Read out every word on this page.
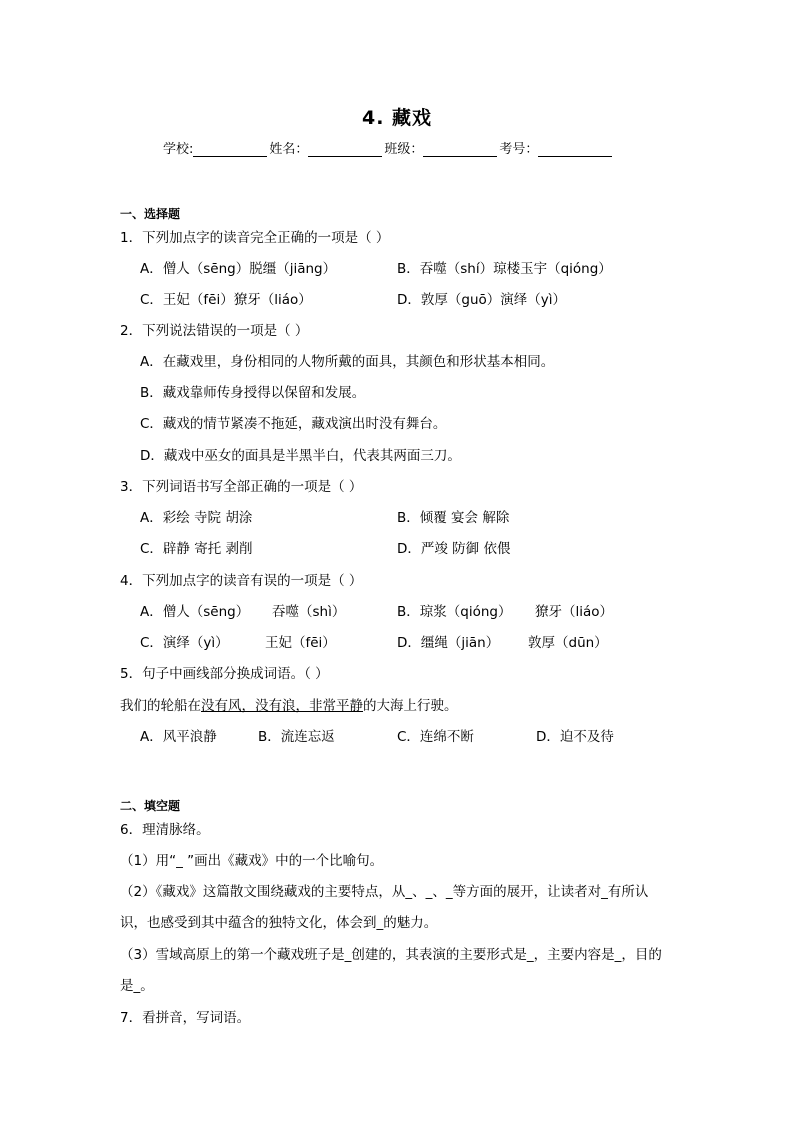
4. 藏戏
学校:	姓名：	班级：	考号：
一、选择题
1．下列加点字的读音完全正确的一项是（ ）
A．僧人（sēng）脱缰（jiāng）	B．吞噬（shí）琼楼玉宇（qióng）
C．王妃（fēi）獠牙（liáo）	D．敦厚（guō）演绎（yì）
2．下列说法错误的一项是（ ）
A．在藏戏里，身份相同的人物所戴的面具，其颜色和形状基本相同。
B．藏戏靠师传身授得以保留和发展。
C．藏戏的情节紧凑不拖延，藏戏演出时没有舞台。
D．藏戏中巫女的面具是半黑半白，代表其两面三刀。
3．下列词语书写全部正确的一项是（ ）
A．彩绘 寺院 胡涂	B．倾覆 宴会 解除
C．辟静 寄托 剥削	D．严竣 防御 依偎
4．下列加点字的读音有误的一项是（ ）
A．僧人（sēng） 吞噬（shì）	B．琼浆（qióng） 獠牙（liáo）
C．演绎（yì）	王妃（fēi）	D．缰绳（jiān） 敦厚（dūn）
5．句子中画线部分换成词语。（ ）
我们的轮船在没有风，没有浪，非常平静的大海上行驶。
A．风平浪静	B．流连忘返	C．连绵不断	D．迫不及待
二、填空题
6．理清脉络。
（1）用“_ ”画出《藏戏》中的一个比喻句。
（2）《藏戏》这篇散文围绕藏戏的主要特点，从_、_、_等方面的展开，让读者对_有所认
识，也感受到其中蕴含的独特文化，体会到_的魅力。
（3）雪域高原上的第一个藏戏班子是_创建的，其表演的主要形式是_，主要内容是_，目的
是_。
7．看拼音，写词语。
